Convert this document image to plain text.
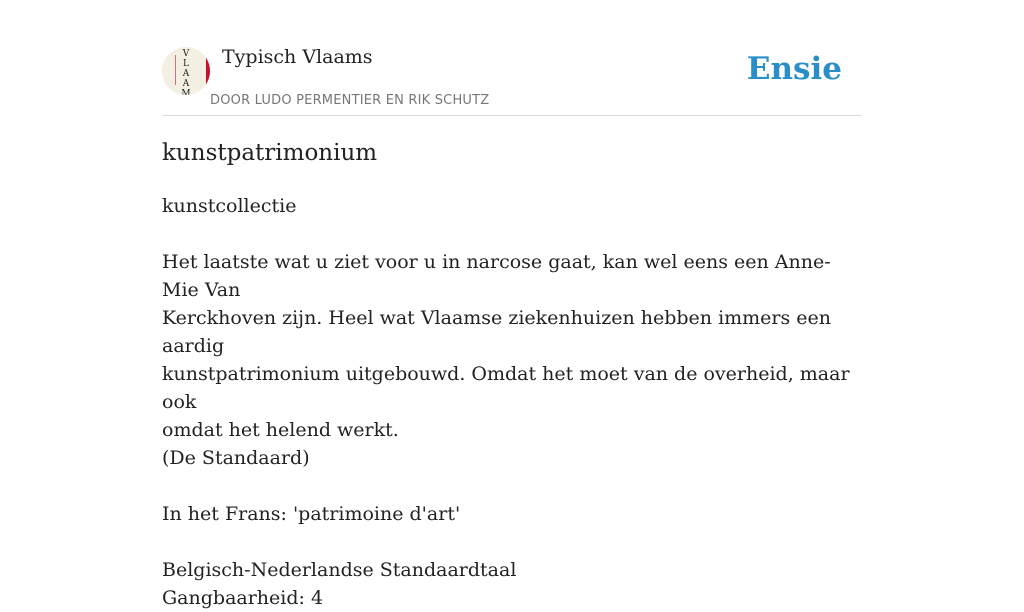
V
L
A
A
M
Typisch Vlaams
DOOR LUDO PERMENTIER EN RIK SCHUTZ
Ensie
kunstpatrimonium

kunstcollectie

Het laatste wat u ziet voor u in narcose gaat, kan wel eens een Anne-Mie Van

Kerckhoven zijn. Heel wat Vlaamse ziekenhuizen hebben immers een aardig

kunstpatrimonium uitgebouwd. Omdat het moet van de overheid, maar ook

omdat het helend werkt.

(De Standaard)

In het Frans: 'patrimoine d'art'

Belgisch-Nederlandse Standaardtaal

Gangbaarheid: 4
